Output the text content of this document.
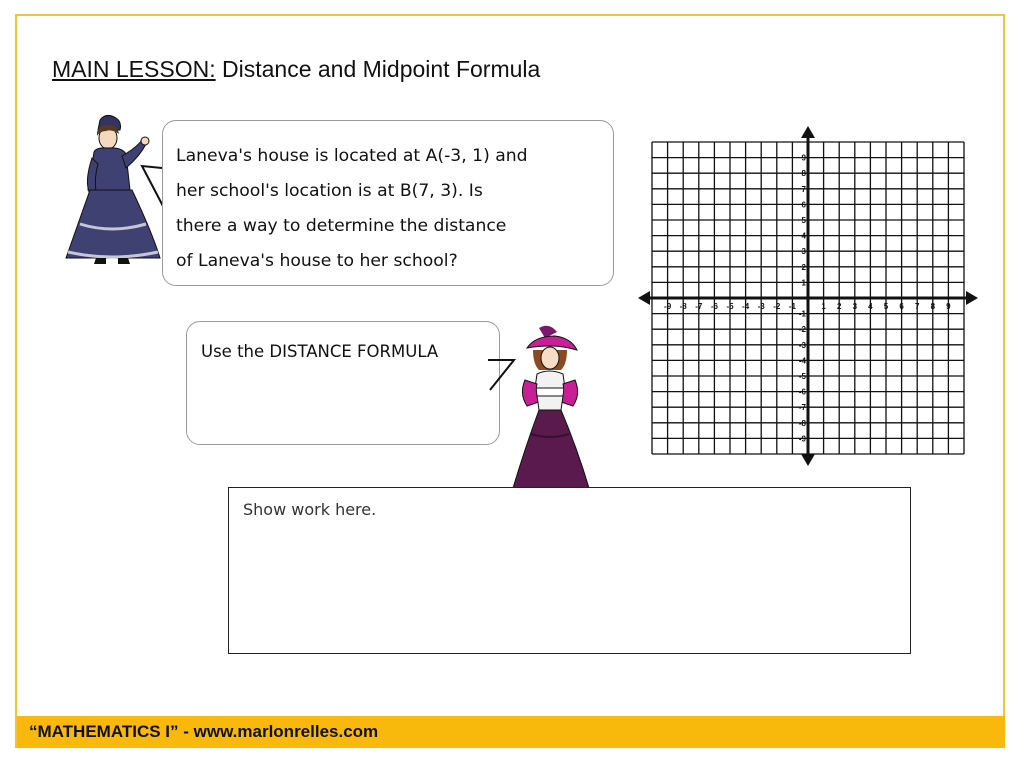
MAIN LESSON: Distance and Midpoint Formula

Laneva's house is located at A(-3, 1) and

her school's location is at B(7, 3). Is

there a way to determine the distance

of Laneva's house to her school?

Use the DISTANCE FORMULA

-9 -8 -7 -6 -5 -4 -3 -2 -1	1 2 3 4 5 6 7 8 9
9
8
7
6
5
4
3
2
1
-1
-2
-3
-4
-5
-6
-7
-8
-9
Show work here.
“MATHEMATICS I” - www.marlonrelles.com
